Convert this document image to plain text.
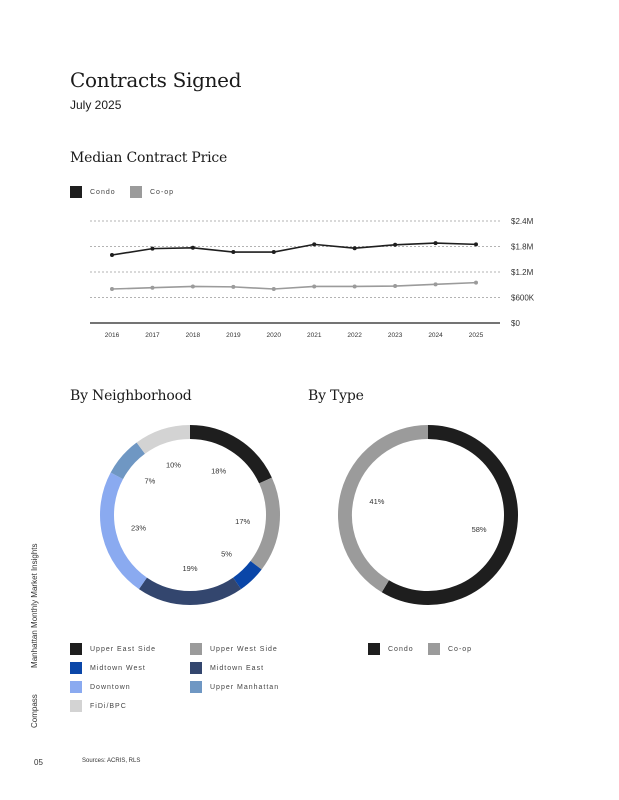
Contracts Signed

July 2025

Median Contract Price
Condo	Co-op
$0
$600K
$1.2M
$1.8M
$2.4M
2016	2017	2018	2019	2020	2021	2022	2023	2024	2025
By Neighborhood	By Type
18%
17%
5%
19%
23%
7%
10%
58%
41%
Upper East Side	Upper West Side
Midtown West	Midtown East
Downtown	Upper Manhattan
FiDi/BPC
Condo	Co-op
Compass Manhattan Monthly Market Insights
05	Sources: ACRIS, RLS
